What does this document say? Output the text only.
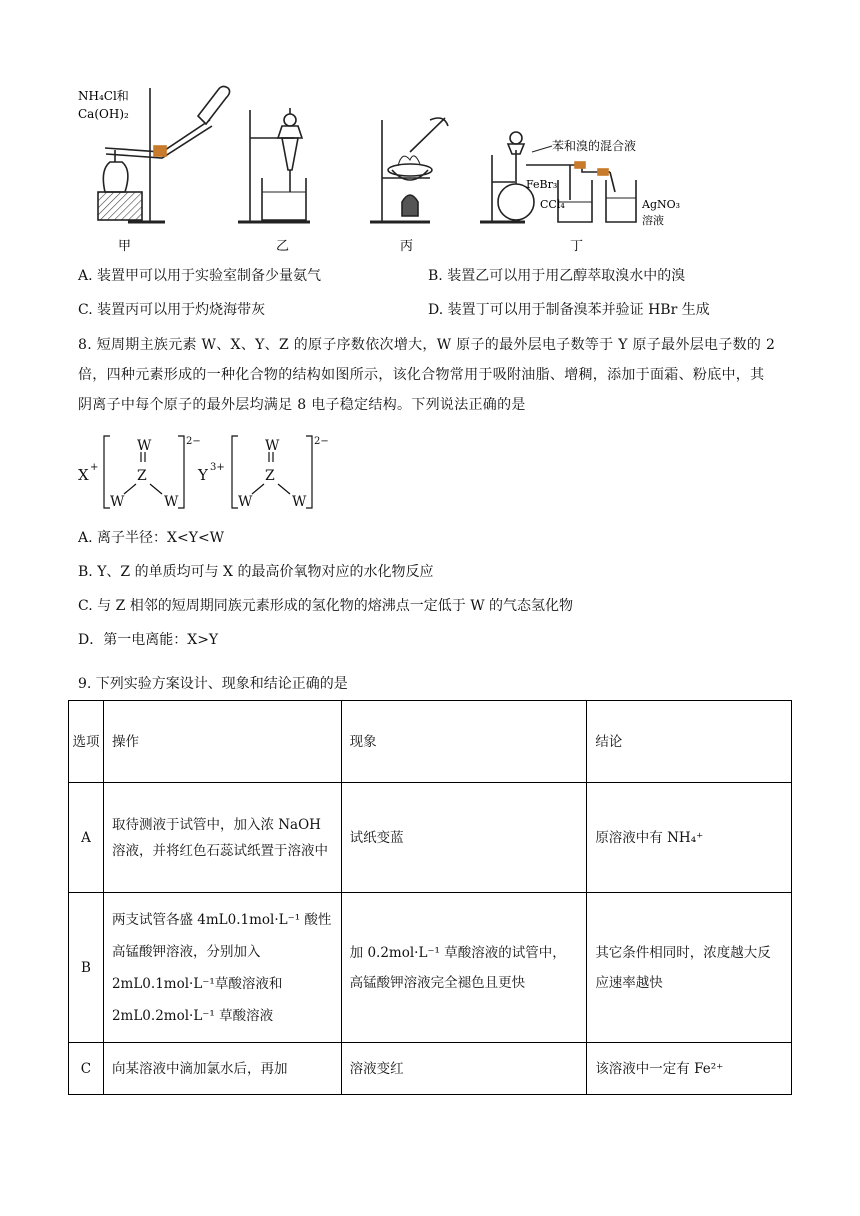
NH₄Cl和
Ca(OH)₂
苯和溴的混合液
FeBr₃
CCl₄	AgNO₃
溶液
甲	乙	丙	丁
A. 装置甲可以用于实验室制备少量氨气	B. 装置乙可以用于用乙醇萃取溴水中的溴
C. 装置丙可以用于灼烧海带灰	D. 装置丁可以用于制备溴苯并验证 HBr 生成
8. 短周期主族元素 W、X、Y、Z 的原子序数依次增大，W 原子的最外层电子数等于 Y 原子最外层电子数的 2 倍，四种元素形成的一种化合物的结构如图所示，该化合物常用于吸附油脂、增稠，添加于面霜、粉底中，其阴离子中每个原子的最外层均满足 8 电子稳定结构。下列说法正确的是
X +	Y 3+
W
Z
W	W
2−	W
Z
W	W
2−
A. 离子半径：X<Y<W
B. Y、Z 的单质均可与 X 的最高价氧物对应的水化物反应
C. 与 Z 相邻的短周期同族元素形成的氢化物的熔沸点一定低于 W 的气态氢化物
D．第一电离能：X>Y
9. 下列实验方案设计、现象和结论正确的是
选项	操作	现象	结论
A	取待测液于试管中，加入浓 NaOH 溶液，并将红色石蕊试纸置于溶液中	试纸变蓝	原溶液中有 NH₄⁺
B	两支试管各盛 4mL0.1mol·L⁻¹ 酸性高锰酸钾溶液，分别加入 2mL0.1mol·L⁻¹草酸溶液和 2mL0.2mol·L⁻¹ 草酸溶液	加 0.2mol·L⁻¹ 草酸溶液的试管中，高锰酸钾溶液完全褪色且更快	其它条件相同时，浓度越大反应速率越快
C	向某溶液中滴加氯水后，再加	溶液变红	该溶液中一定有 Fe²⁺
